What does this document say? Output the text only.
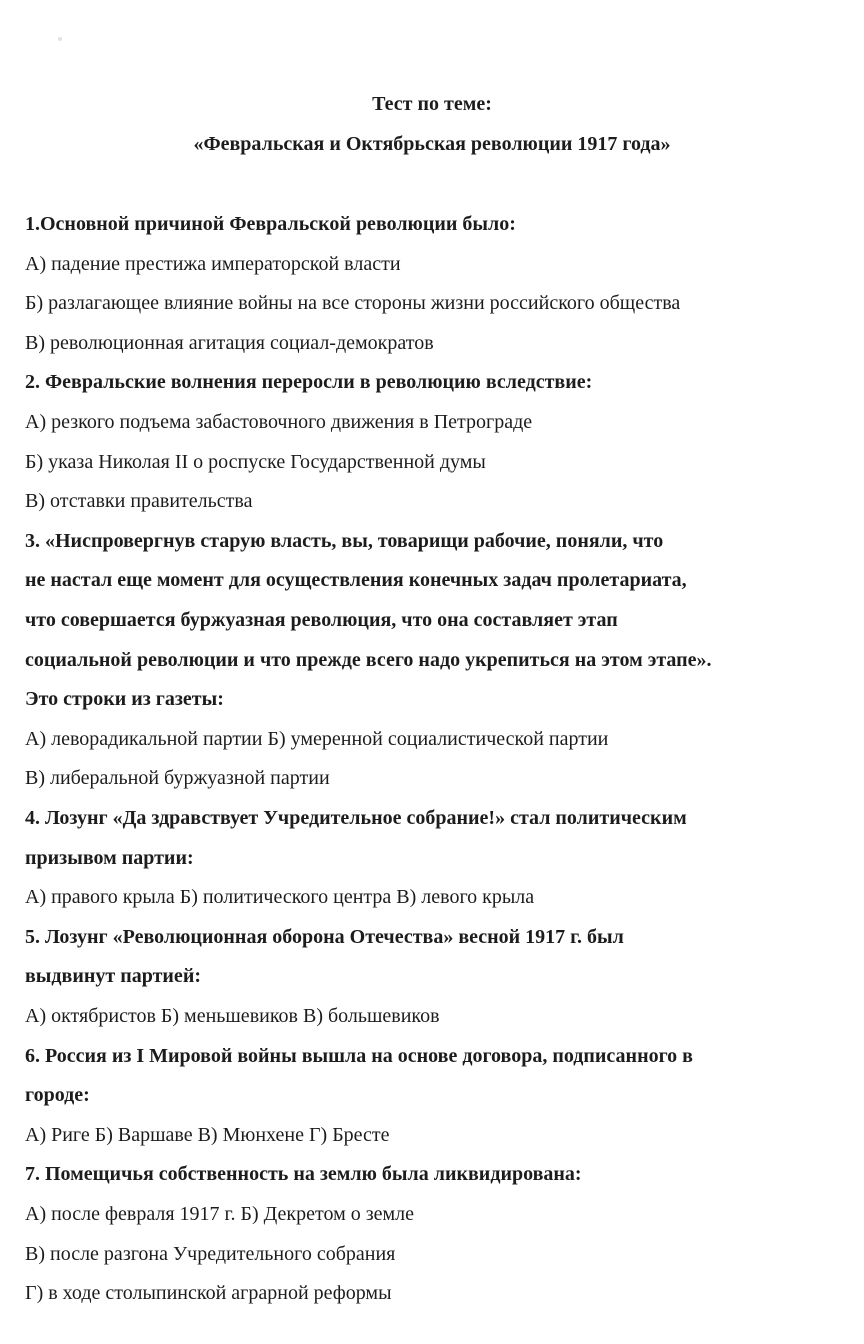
Тест по теме:
«Февральская и Октябрьская революции 1917 года»
1.Основной причиной Февральской революции было:
А) падение престижа императорской власти
Б) разлагающее влияние войны на все стороны жизни российского общества
В) революционная агитация социал-демократов
2. Февральские волнения переросли в революцию вследствие:
А) резкого подъема забастовочного движения в Петрограде
Б) указа Николая II о роспуске Государственной думы
В) отставки правительства
3. «Ниспровергнув старую власть, вы, товарищи рабочие, поняли, что
не настал еще момент для осуществления конечных задач пролетариата,
что совершается буржуазная революция, что она составляет этап
социальной революции и что прежде всего надо укрепиться на этом этапе».
Это строки из газеты:
А) леворадикальной партии Б) умеренной социалистической партии
В) либеральной буржуазной партии
4. Лозунг «Да здравствует Учредительное собрание!» стал политическим
призывом партии:
А) правого крыла Б) политического центра В) левого крыла
5. Лозунг «Революционная оборона Отечества» весной 1917 г. был
выдвинут партией:
А) октябристов Б) меньшевиков В) большевиков
6. Россия из I Мировой войны вышла на основе договора, подписанного в
городе:
А) Риге Б) Варшаве В) Мюнхене Г) Бресте
7. Помещичья собственность на землю была ликвидирована:
А) после февраля 1917 г. Б) Декретом о земле
В) после разгона Учредительного собрания
Г) в ходе столыпинской аграрной реформы
